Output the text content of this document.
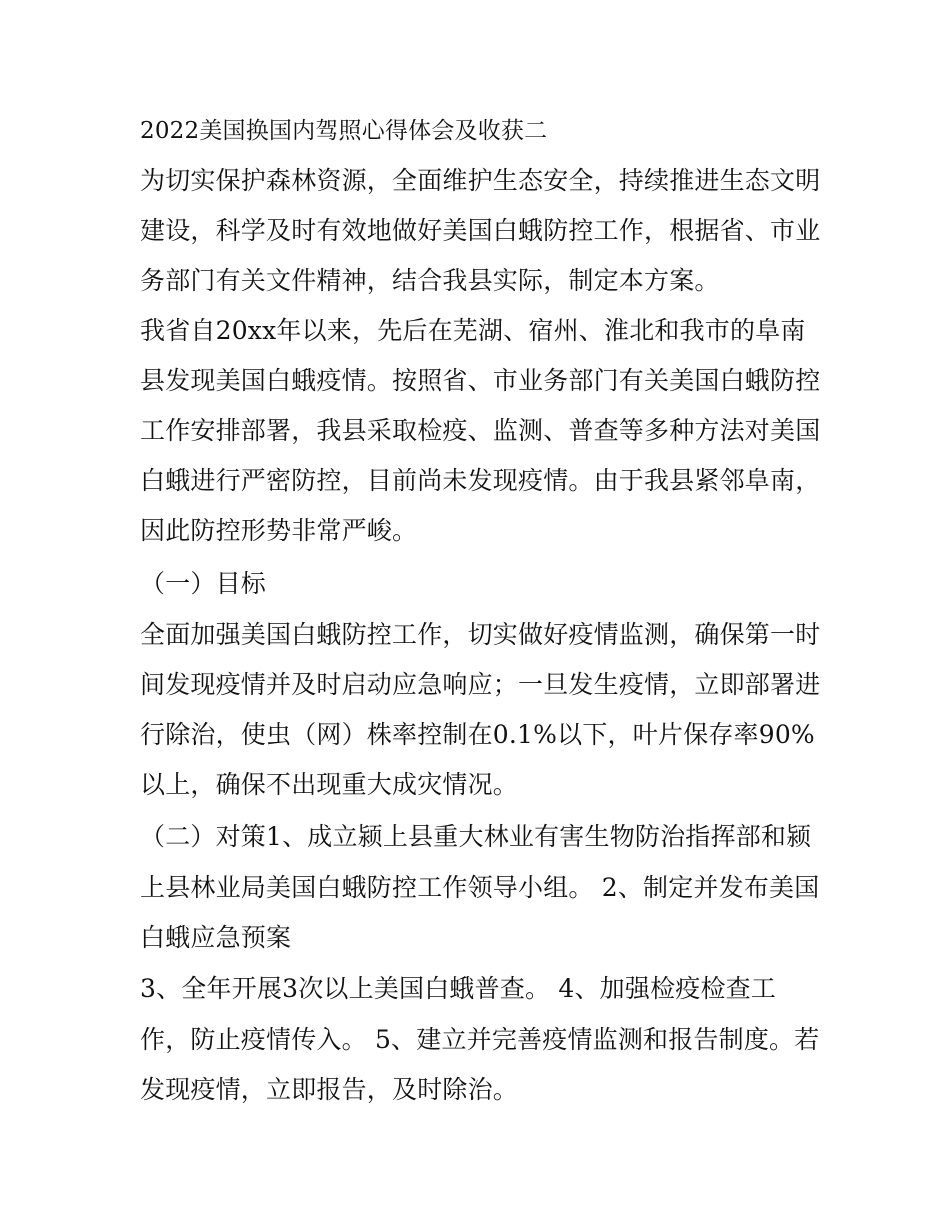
2022美国换国内驾照心得体会及收获二
为切实保护森林资源，全面维护生态安全，持续推进生态文明
建设，科学及时有效地做好美国白蛾防控工作，根据省、市业
务部门有关文件精神，结合我县实际，制定本方案。
我省自20xx年以来，先后在芜湖、宿州、淮北和我市的阜南
县发现美国白蛾疫情。按照省、市业务部门有关美国白蛾防控
工作安排部署，我县采取检疫、监测、普查等多种方法对美国
白蛾进行严密防控，目前尚未发现疫情。由于我县紧邻阜南，
因此防控形势非常严峻。
（一）目标
全面加强美国白蛾防控工作，切实做好疫情监测，确保第一时
间发现疫情并及时启动应急响应；一旦发生疫情，立即部署进
行除治，使虫（网）株率控制在0.1%以下，叶片保存率90%
以上，确保不出现重大成灾情况。
（二）对策1、成立颍上县重大林业有害生物防治指挥部和颍
上县林业局美国白蛾防控工作领导小组。 2、制定并发布美国
白蛾应急预案
3、全年开展3次以上美国白蛾普查。 4、加强检疫检查工
作，防止疫情传入。 5、建立并完善疫情监测和报告制度。若
发现疫情，立即报告，及时除治。
